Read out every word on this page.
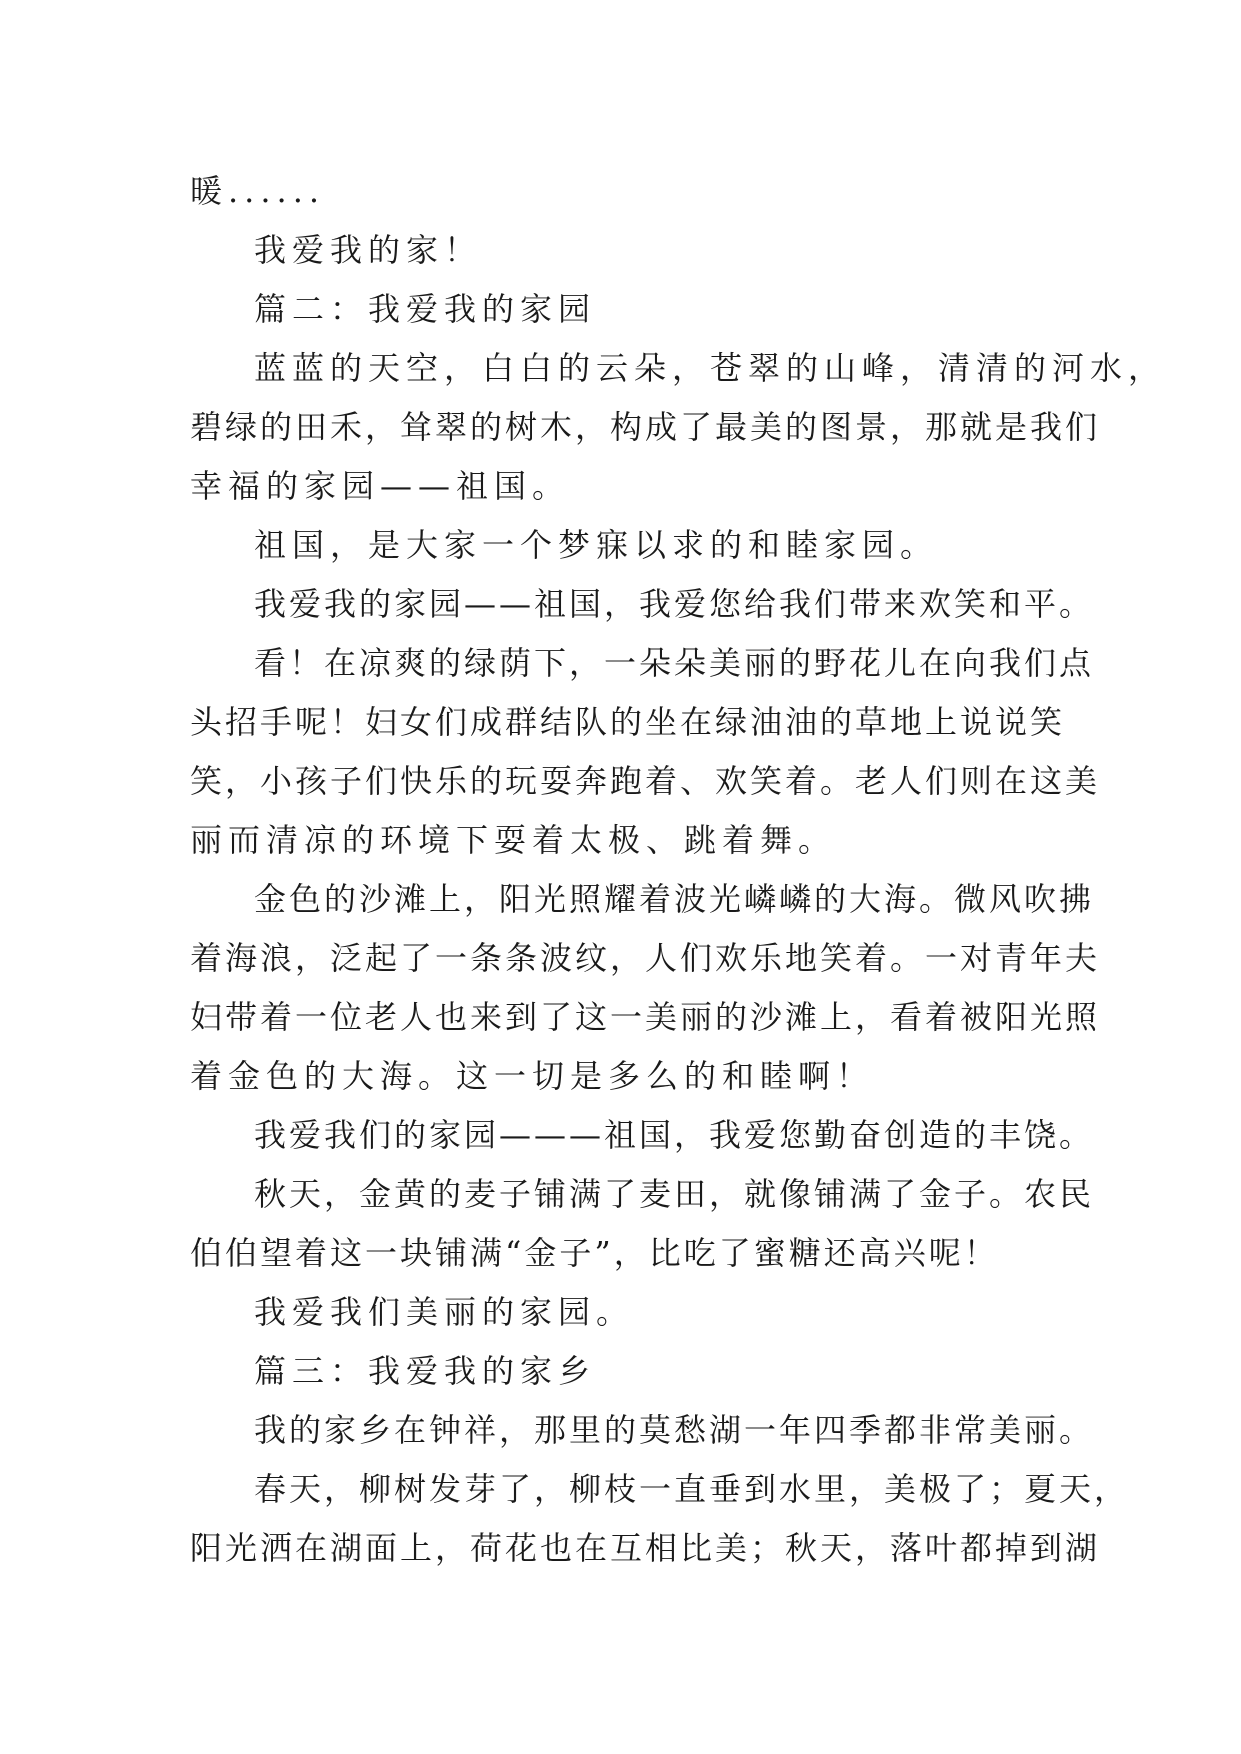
暖......
我爱我的家！
篇二：我爱我的家园
蓝蓝的天空，白白的云朵，苍翠的山峰，清清的河水，
碧绿的田禾，耸翠的树木，构成了最美的图景，那就是我们
幸福的家园——祖国。
祖国，是大家一个梦寐以求的和睦家园。
我爱我的家园——祖国，我爱您给我们带来欢笑和平。
看！在凉爽的绿荫下，一朵朵美丽的野花儿在向我们点
头招手呢！妇女们成群结队的坐在绿油油的草地上说说笑
笑，小孩子们快乐的玩耍奔跑着、欢笑着。老人们则在这美
丽而清凉的环境下耍着太极、跳着舞。
金色的沙滩上，阳光照耀着波光嶙嶙的大海。微风吹拂
着海浪，泛起了一条条波纹，人们欢乐地笑着。一对青年夫
妇带着一位老人也来到了这一美丽的沙滩上，看着被阳光照
着金色的大海。这一切是多么的和睦啊！
我爱我们的家园———祖国，我爱您勤奋创造的丰饶。
秋天，金黄的麦子铺满了麦田，就像铺满了金子。农民
伯伯望着这一块铺满“金子”，比吃了蜜糖还高兴呢！
我爱我们美丽的家园。
篇三：我爱我的家乡
我的家乡在钟祥，那里的莫愁湖一年四季都非常美丽。
春天，柳树发芽了，柳枝一直垂到水里，美极了；夏天，
阳光洒在湖面上，荷花也在互相比美；秋天，落叶都掉到湖
